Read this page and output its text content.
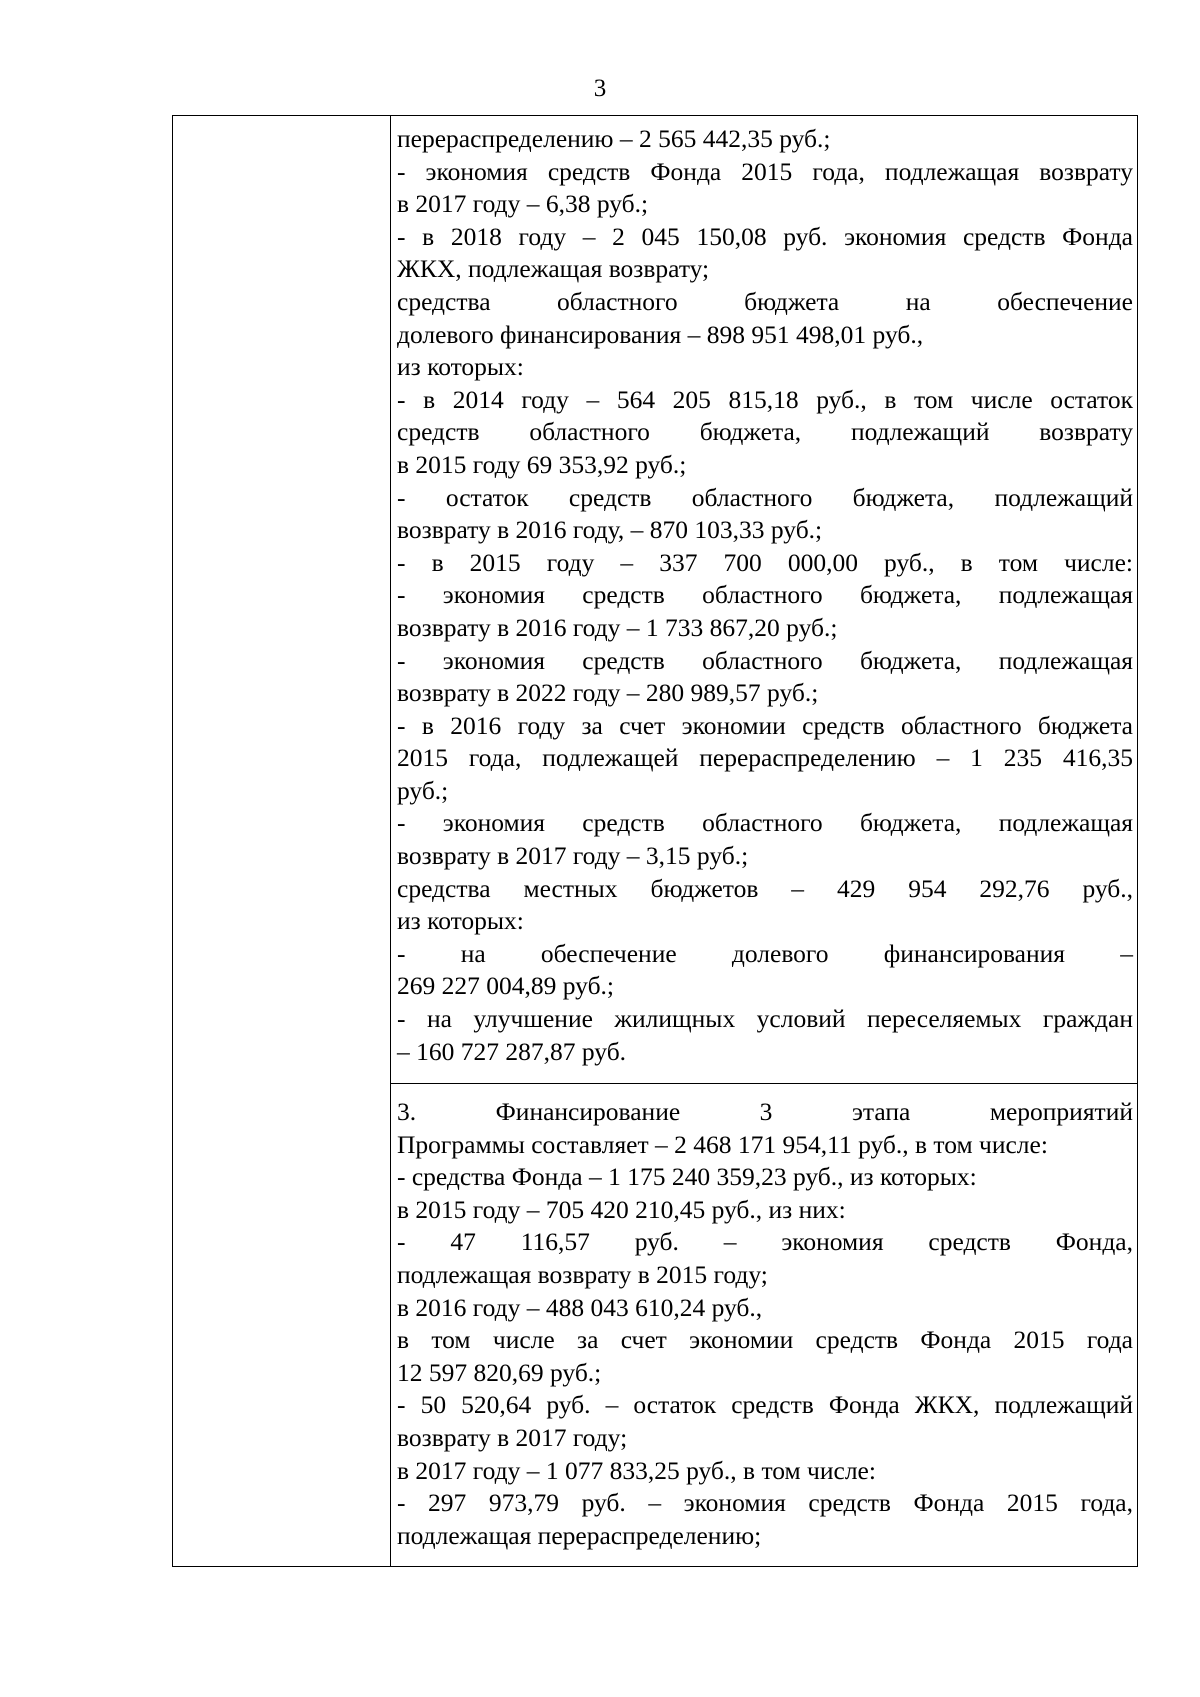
3
перераспределению – 2 565 442,35 руб.;
- экономия средств Фонда 2015 года, подлежащая возврату
в 2017 году – 6,38 руб.;
- в 2018 году – 2 045 150,08 руб. экономия средств Фонда
ЖКХ, подлежащая возврату;
средства областного бюджета на обеспечение
долевого финансирования – 898 951 498,01 руб.,
из которых:
- в 2014 году – 564 205 815,18 руб., в том числе остаток
средств областного бюджета, подлежащий возврату
в 2015 году 69 353,92 руб.;
- остаток средств областного бюджета, подлежащий
возврату в 2016 году, – 870 103,33 руб.;
- в 2015 году – 337 700 000,00 руб., в том числе:
- экономия средств областного бюджета, подлежащая
возврату в 2016 году – 1 733 867,20 руб.;
- экономия средств областного бюджета, подлежащая
возврату в 2022 году – 280 989,57 руб.;
- в 2016 году за счет экономии средств областного бюджета
2015 года, подлежащей перераспределению – 1 235 416,35
руб.;
- экономия средств областного бюджета, подлежащая
возврату в 2017 году – 3,15 руб.;
средства местных бюджетов – 429 954 292,76 руб.,
из которых:
- на обеспечение долевого финансирования –
269 227 004,89 руб.;
- на улучшение жилищных условий переселяемых граждан
– 160 727 287,87 руб.
3. Финансирование 3 этапа мероприятий
Программы составляет – 2 468 171 954,11 руб., в том числе:
- средства Фонда – 1 175 240 359,23 руб., из которых:
в 2015 году – 705 420 210,45 руб., из них:
- 47 116,57 руб. – экономия средств Фонда,
подлежащая возврату в 2015 году;
в 2016 году – 488 043 610,24 руб.,
в том числе за счет экономии средств Фонда 2015 года
12 597 820,69 руб.;
- 50 520,64 руб. – остаток средств Фонда ЖКХ, подлежащий
возврату в 2017 году;
в 2017 году – 1 077 833,25 руб., в том числе:
- 297 973,79 руб. – экономия средств Фонда 2015 года,
подлежащая перераспределению;
